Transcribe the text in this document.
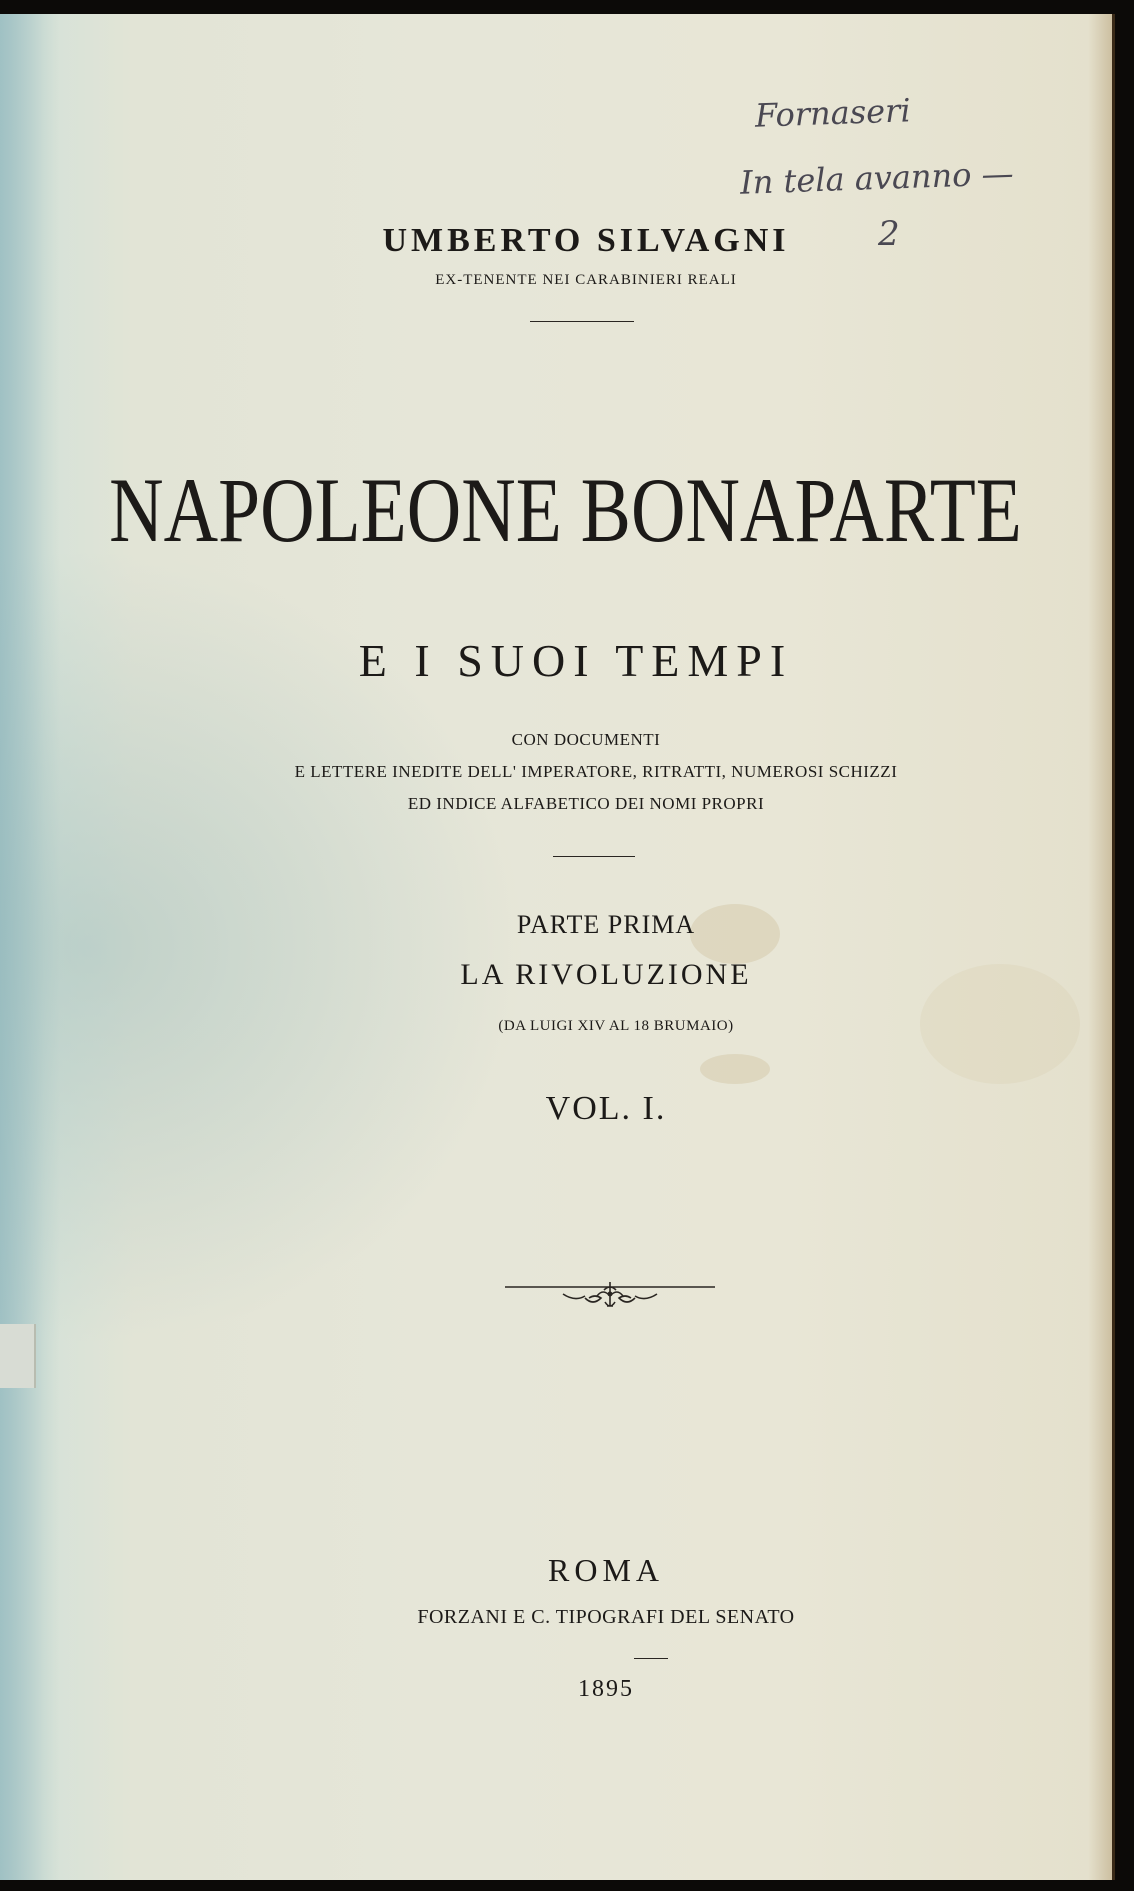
Fornaseri
In tela avanno —
2
UMBERTO SILVAGNI
EX-TENENTE NEI CARABINIERI REALI
NAPOLEONE BONAPARTE
E I SUOI TEMPI
CON DOCUMENTI
E LETTERE INEDITE DELL' IMPERATORE, RITRATTI, NUMEROSI SCHIZZI
ED INDICE ALFABETICO DEI NOMI PROPRI
PARTE PRIMA
LA RIVOLUZIONE
(DA LUIGI XIV AL 18 BRUMAIO)
VOL. I.
ROMA
FORZANI E C. TIPOGRAFI DEL SENATO
1895
